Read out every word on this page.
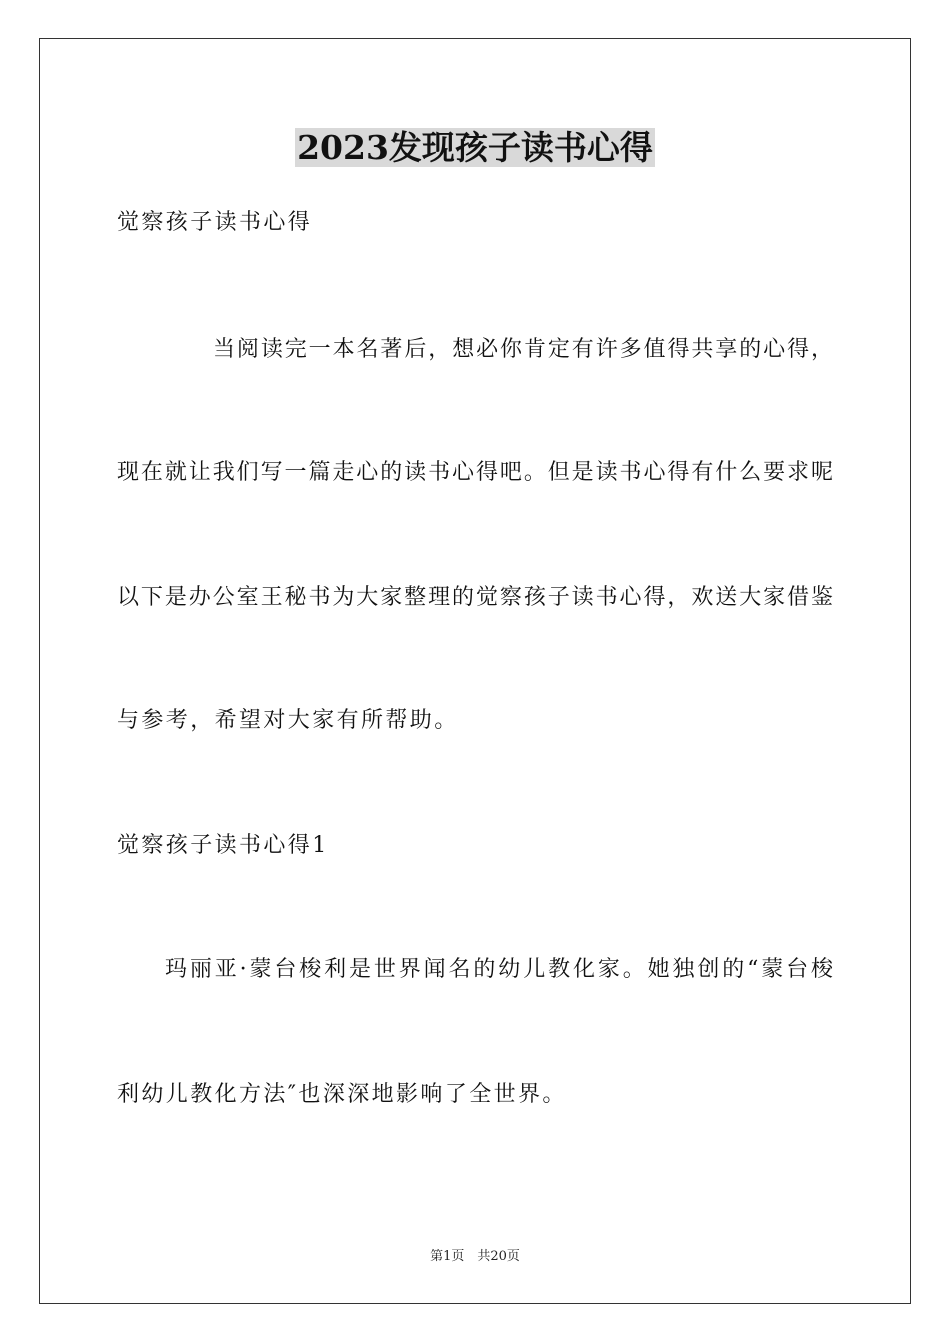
2023发现孩子读书心得
觉察孩子读书心得
当阅读完一本名著后，想必你肯定有许多值得共享的心得，
现在就让我们写一篇走心的读书心得吧。但是读书心得有什么要求呢
以下是办公室王秘书为大家整理的觉察孩子读书心得，欢送大家借鉴
与参考，希望对大家有所帮助。
觉察孩子读书心得1
玛丽亚·蒙台梭利是世界闻名的幼儿教化家。她独创的“蒙台梭
利幼儿教化方法″也深深地影响了全世界。
第1页　共20页
